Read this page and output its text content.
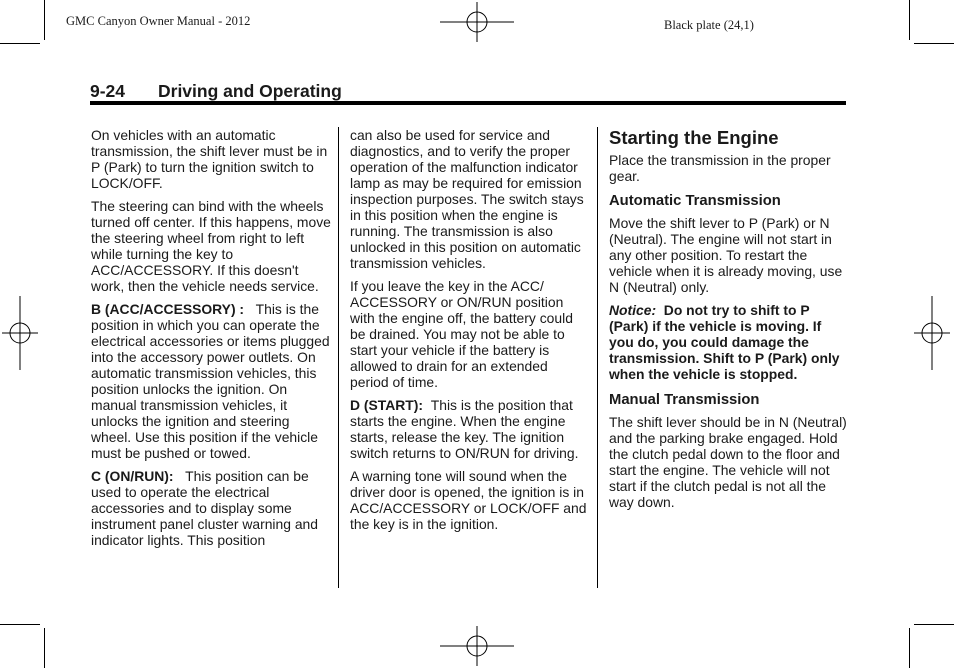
GMC Canyon Owner Manual - 2012	Black plate (24,1)
9-24 Driving and Operating

On vehicles with an automatic transmission, the shift lever must be in P (Park) to turn the ignition switch to LOCK/OFF.

The steering can bind with the wheels turned off center. If this happens, move the steering wheel from right to left while turning the key to ACC/ACCESSORY. If this doesn't work, then the vehicle needs service.

B (ACC/ACCESSORY) : This is the position in which you can operate the electrical accessories or items plugged into the accessory power outlets. On automatic transmission vehicles, this position unlocks the ignition. On manual transmission vehicles, it unlocks the ignition and steering wheel. Use this position if the vehicle must be pushed or towed.

C (ON/RUN): This position can be used to operate the electrical accessories and to display some instrument panel cluster warning and indicator lights. This position

can also be used for service and diagnostics, and to verify the proper operation of the malfunction indicator lamp as may be required for emission inspection purposes. The switch stays in this position when the engine is running. The transmission is also unlocked in this position on automatic transmission vehicles.

If you leave the key in the ACC/ ACCESSORY or ON/RUN position with the engine off, the battery could be drained. You may not be able to start your vehicle if the battery is allowed to drain for an extended period of time.

D (START): This is the position that starts the engine. When the engine starts, release the key. The ignition switch returns to ON/RUN for driving.

A warning tone will sound when the driver door is opened, the ignition is in ACC/ACCESSORY or LOCK/OFF and the key is in the ignition.

Starting the Engine

Place the transmission in the proper gear.

Automatic Transmission

Move the shift lever to P (Park) or N (Neutral). The engine will not start in any other position. To restart the vehicle when it is already moving, use N (Neutral) only.

Notice: Do not try to shift to P (Park) if the vehicle is moving. If you do, you could damage the transmission. Shift to P (Park) only when the vehicle is stopped.

Manual Transmission

The shift lever should be in N (Neutral) and the parking brake engaged. Hold the clutch pedal down to the floor and start the engine. The vehicle will not start if the clutch pedal is not all the way down.
